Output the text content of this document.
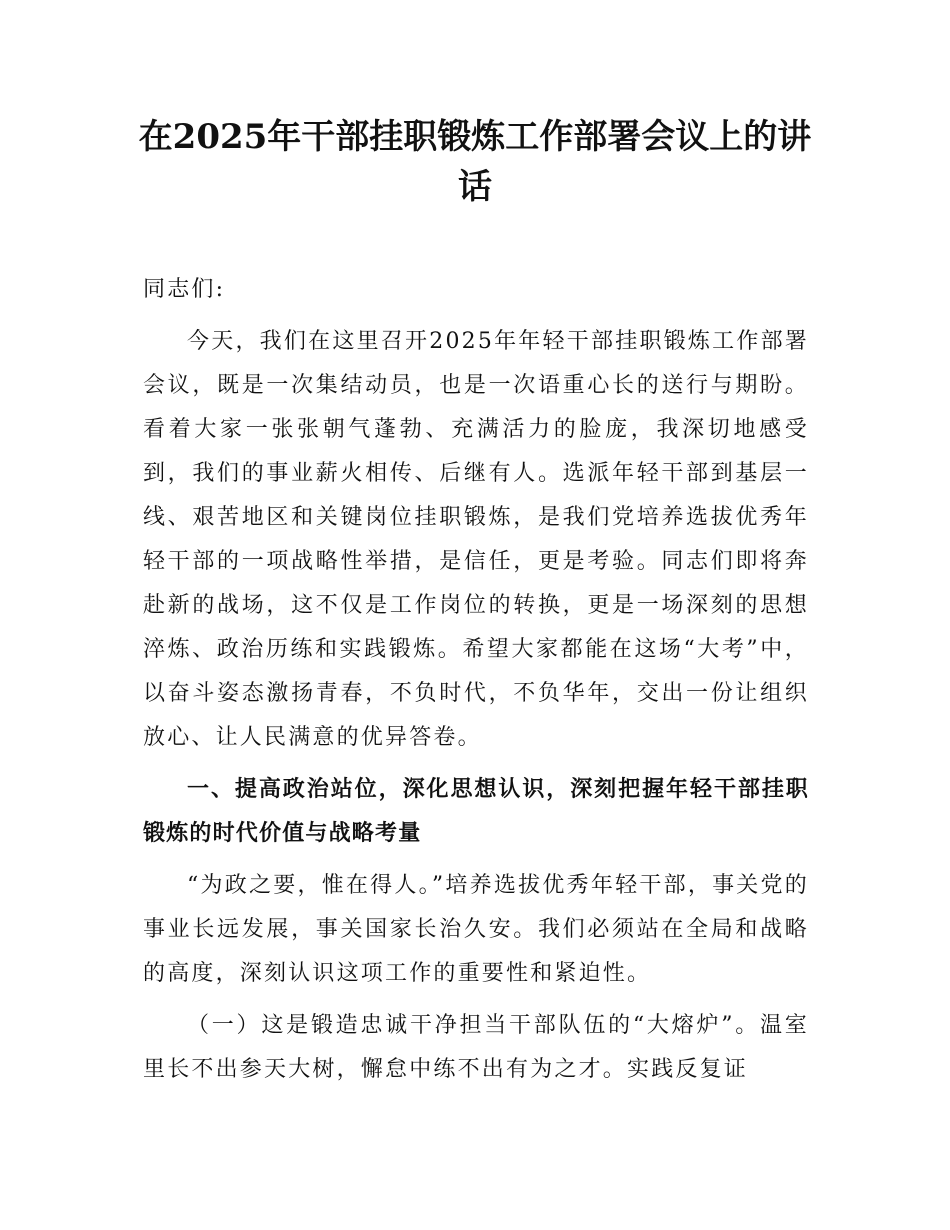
在2025年干部挂职锻炼工作部署会议上的讲话

同志们:

今天，我们在这里召开2025年年轻干部挂职锻炼工作部署会议，既是一次集结动员，也是一次语重心长的送行与期盼。看着大家一张张朝气蓬勃、充满活力的脸庞，我深切地感受到，我们的事业薪火相传、后继有人。选派年轻干部到基层一线、艰苦地区和关键岗位挂职锻炼，是我们党培养选拔优秀年轻干部的一项战略性举措，是信任，更是考验。同志们即将奔赴新的战场，这不仅是工作岗位的转换，更是一场深刻的思想淬炼、政治历练和实践锻炼。希望大家都能在这场“大考”中，以奋斗姿态激扬青春，不负时代，不负华年，交出一份让组织放心、让人民满意的优异答卷。

一、提高政治站位，深化思想认识，深刻把握年轻干部挂职锻炼的时代价值与战略考量

“为政之要，惟在得人。”培养选拔优秀年轻干部，事关党的事业长远发展，事关国家长治久安。我们必须站在全局和战略的高度，深刻认识这项工作的重要性和紧迫性。

（一）这是锻造忠诚干净担当干部队伍的“大熔炉”。温室里长不出参天大树，懈怠中练不出有为之才。实践反复证
